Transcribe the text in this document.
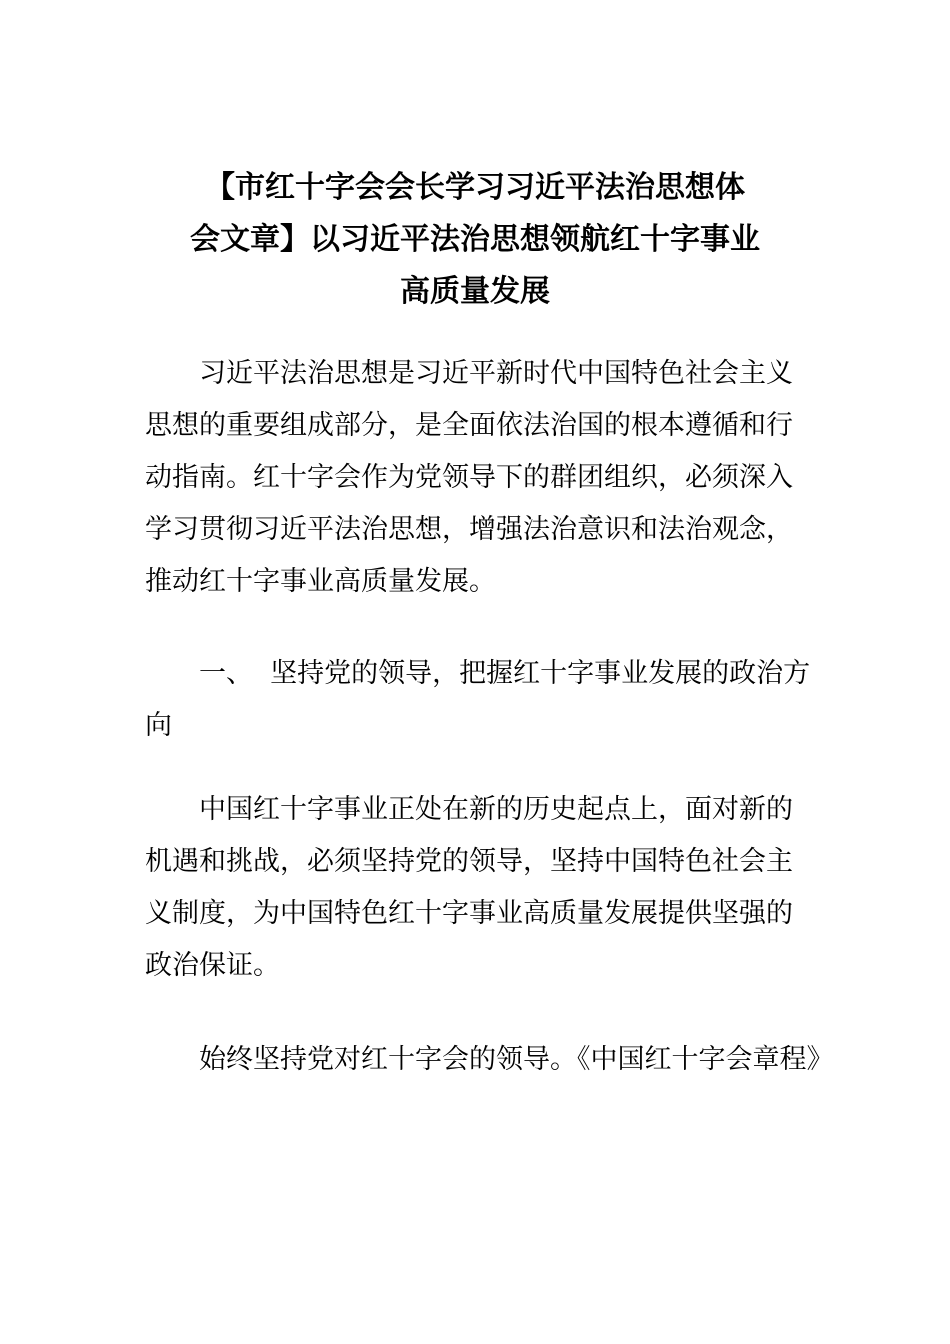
【市红十字会会长学习习近平法治思想体
会文章】以习近平法治思想领航红十字事业
高质量发展
习近平法治思想是习近平新时代中国特色社会主义
思想的重要组成部分，是全面依法治国的根本遵循和行
动指南。红十字会作为党领导下的群团组织，必须深入
学习贯彻习近平法治思想，增强法治意识和法治观念，
推动红十字事业高质量发展。
一、  坚持党的领导，把握红十字事业发展的政治方
向
中国红十字事业正处在新的历史起点上，面对新的
机遇和挑战，必须坚持党的领导，坚持中国特色社会主
义制度，为中国特色红十字事业高质量发展提供坚强的
政治保证。
始终坚持党对红十字会的领导。《中国红十字会章程》
